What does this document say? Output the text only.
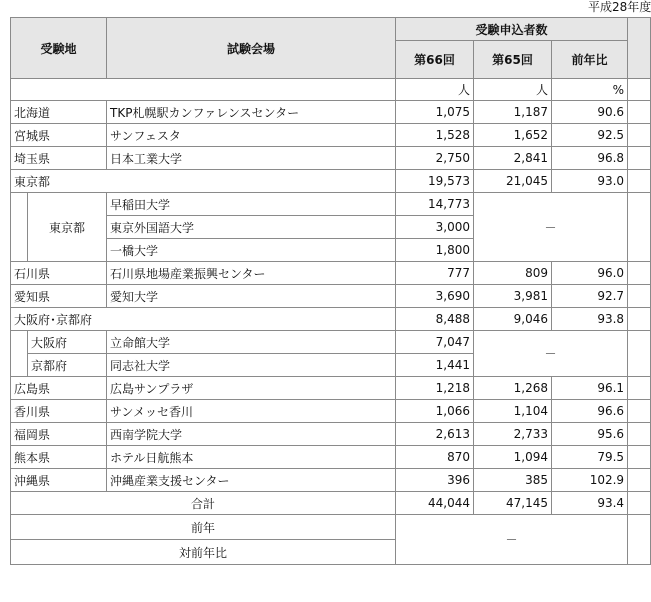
平成28年度
受験地		試験会場	受験申込者数			
			第66回	第65回	前年比	
			人	人	%	
北海道		TKP札幌駅カンファレンスセンター	1,075	1,187	90.6	
宮城県		サンフェスタ	1,528	1,652	92.5	
埼玉県		日本工業大学	2,750	2,841	96.8	
東京都			19,573	21,045	93.0	
	東京都	早稲田大学	14,773	－		
		東京外国語大学	3,000			
		一橋大学	1,800			
石川県		石川県地場産業振興センター	777	809	96.0	
愛知県		愛知大学	3,690	3,981	92.7	
大阪府･京都府			8,488	9,046	93.8	
	大阪府	立命館大学	7,047	－		
	京都府	同志社大学	1,441			
広島県		広島サンプラザ	1,218	1,268	96.1	
香川県		サンメッセ香川	1,066	1,104	96.6	
福岡県		西南学院大学	2,613	2,733	95.6	
熊本県		ホテル日航熊本	870	1,094	79.5	
沖縄県		沖縄産業支援センター	396	385	102.9	
合計			44,044	47,145	93.4	
前年			－			
対前年比						
